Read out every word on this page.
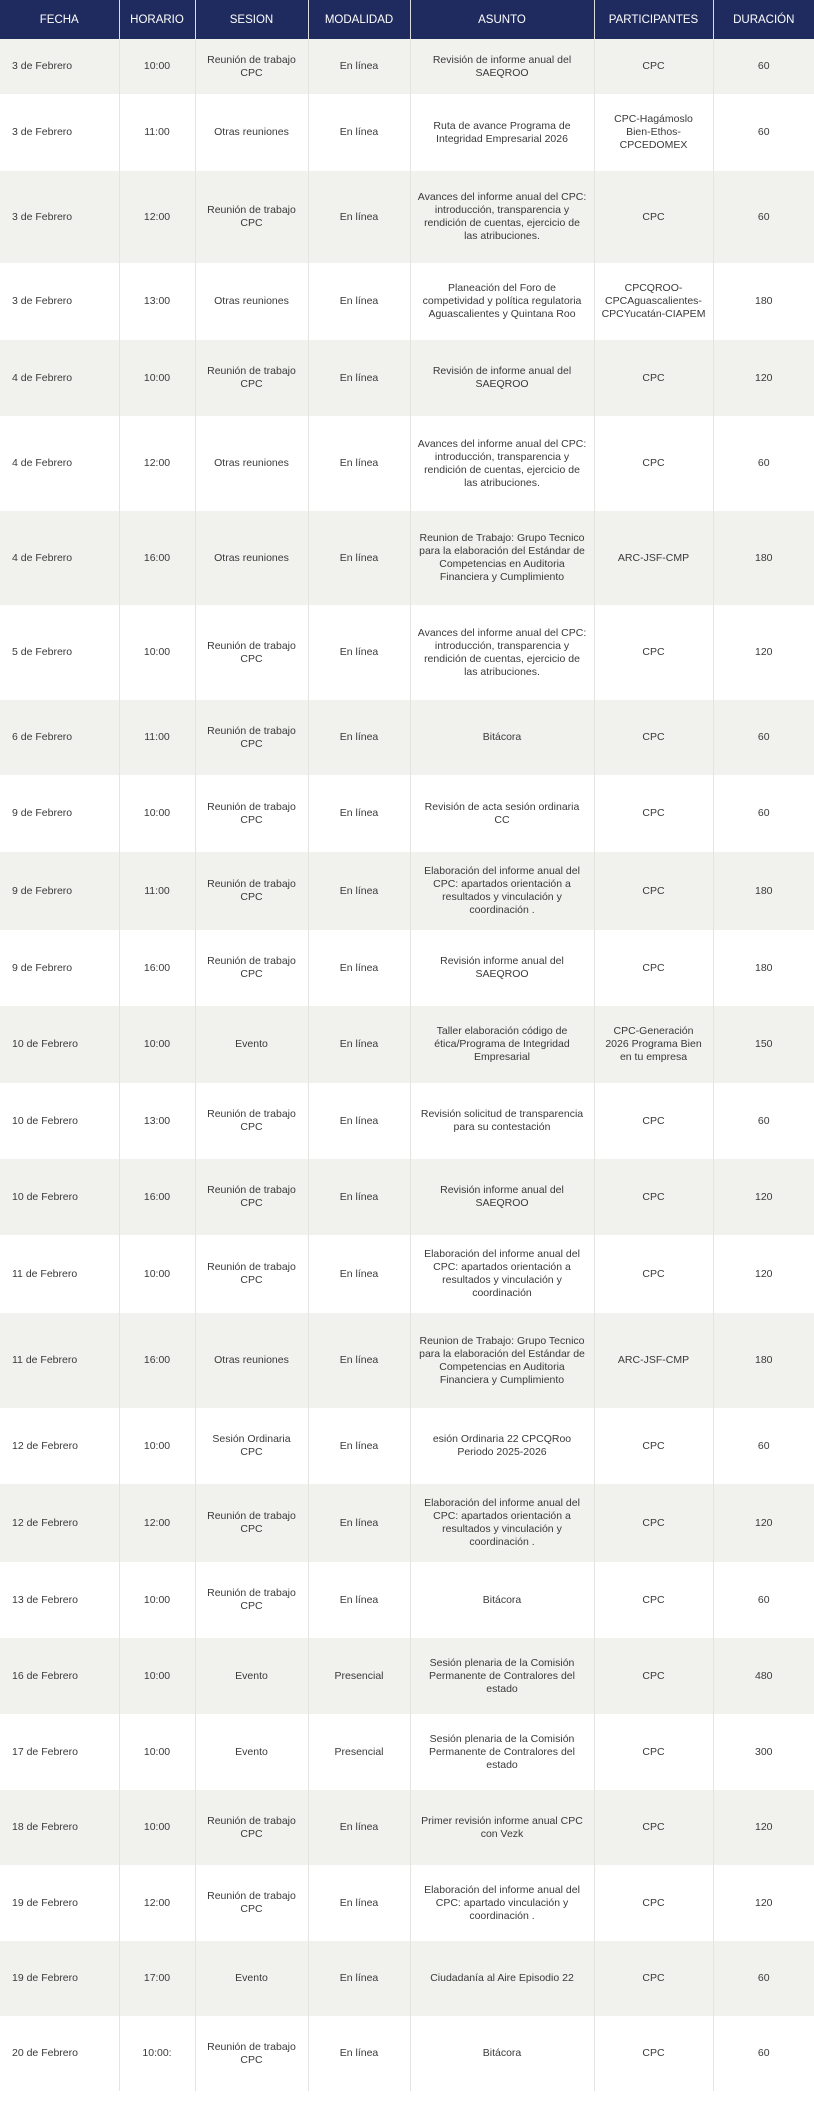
FECHA	HORARIO	SESION	MODALIDAD	ASUNTO	PARTICIPANTES	DURACIÓN
3 de Febrero	10:00	Reunión de trabajo CPC	En línea	Revisión de informe anual del SAEQROO	CPC	60
3 de Febrero	11:00	Otras reuniones	En línea	Ruta de avance Programa de Integridad Empresarial 2026	CPC-Hagámoslo Bien-Ethos-CPCEDOMEX	60
3 de Febrero	12:00	Reunión de trabajo CPC	En línea	Avances del informe anual del CPC: introducción, transparencia y rendición de cuentas, ejercicio de las atribuciones.	CPC	60
3 de Febrero	13:00	Otras reuniones	En línea	Planeación del Foro de competividad y política regulatoria Aguascalientes y Quintana Roo	CPCQROO-CPCAguascalientes-CPCYucatán-CIAPEM	180
4 de Febrero	10:00	Reunión de trabajo CPC	En línea	Revisión de informe anual del SAEQROO	CPC	120
4 de Febrero	12:00	Otras reuniones	En línea	Avances del informe anual del CPC: introducción, transparencia y rendición de cuentas, ejercicio de las atribuciones.	CPC	60
4 de Febrero	16:00	Otras reuniones	En línea	Reunion de Trabajo: Grupo Tecnico para la elaboración del Estándar de Competencias en Auditoria Financiera y Cumplimiento	ARC-JSF-CMP	180
5 de Febrero	10:00	Reunión de trabajo CPC	En línea	Avances del informe anual del CPC: introducción, transparencia y rendición de cuentas, ejercicio de las atribuciones.	CPC	120
6 de Febrero	11:00	Reunión de trabajo CPC	En línea	Bitácora	CPC	60
9 de Febrero	10:00	Reunión de trabajo CPC	En línea	Revisión de acta sesión ordinaria CC	CPC	60
9 de Febrero	11:00	Reunión de trabajo CPC	En línea	Elaboración del informe anual del CPC: apartados orientación a resultados y vinculación y coordinación .	CPC	180
9 de Febrero	16:00	Reunión de trabajo CPC	En línea	Revisión informe anual del SAEQROO	CPC	180
10 de Febrero	10:00	Evento	En línea	Taller elaboración código de ética/Programa de Integridad Empresarial	CPC-Generación 2026 Programa Bien en tu empresa	150
10 de Febrero	13:00	Reunión de trabajo CPC	En línea	Revisión solicitud de transparencia para su contestación	CPC	60
10 de Febrero	16:00	Reunión de trabajo CPC	En línea	Revisión informe anual del SAEQROO	CPC	120
11 de Febrero	10:00	Reunión de trabajo CPC	En línea	Elaboración del informe anual del CPC: apartados orientación a resultados y vinculación y coordinación	CPC	120
11 de Febrero	16:00	Otras reuniones	En línea	Reunion de Trabajo: Grupo Tecnico para la elaboración del Estándar de Competencias en Auditoria Financiera y Cumplimiento	ARC-JSF-CMP	180
12 de Febrero	10:00	Sesión Ordinaria CPC	En línea	esión Ordinaria 22 CPCQRoo Periodo 2025-2026	CPC	60
12 de Febrero	12:00	Reunión de trabajo CPC	En línea	Elaboración del informe anual del CPC: apartados orientación a resultados y vinculación y coordinación .	CPC	120
13 de Febrero	10:00	Reunión de trabajo CPC	En línea	Bitácora	CPC	60
16 de Febrero	10:00	Evento	Presencial	Sesión plenaria de la Comisión Permanente de Contralores del estado	CPC	480
17 de Febrero	10:00	Evento	Presencial	Sesión plenaria de la Comisión Permanente de Contralores del estado	CPC	300
18 de Febrero	10:00	Reunión de trabajo CPC	En línea	Primer revisión informe anual CPC con Vezk	CPC	120
19 de Febrero	12:00	Reunión de trabajo CPC	En línea	Elaboración del informe anual del CPC: apartado vinculación y coordinación .	CPC	120
19 de Febrero	17:00	Evento	En línea	Ciudadanía al Aire Episodio 22	CPC	60
20 de Febrero	10:00:	Reunión de trabajo CPC	En línea	Bitácora	CPC	60
